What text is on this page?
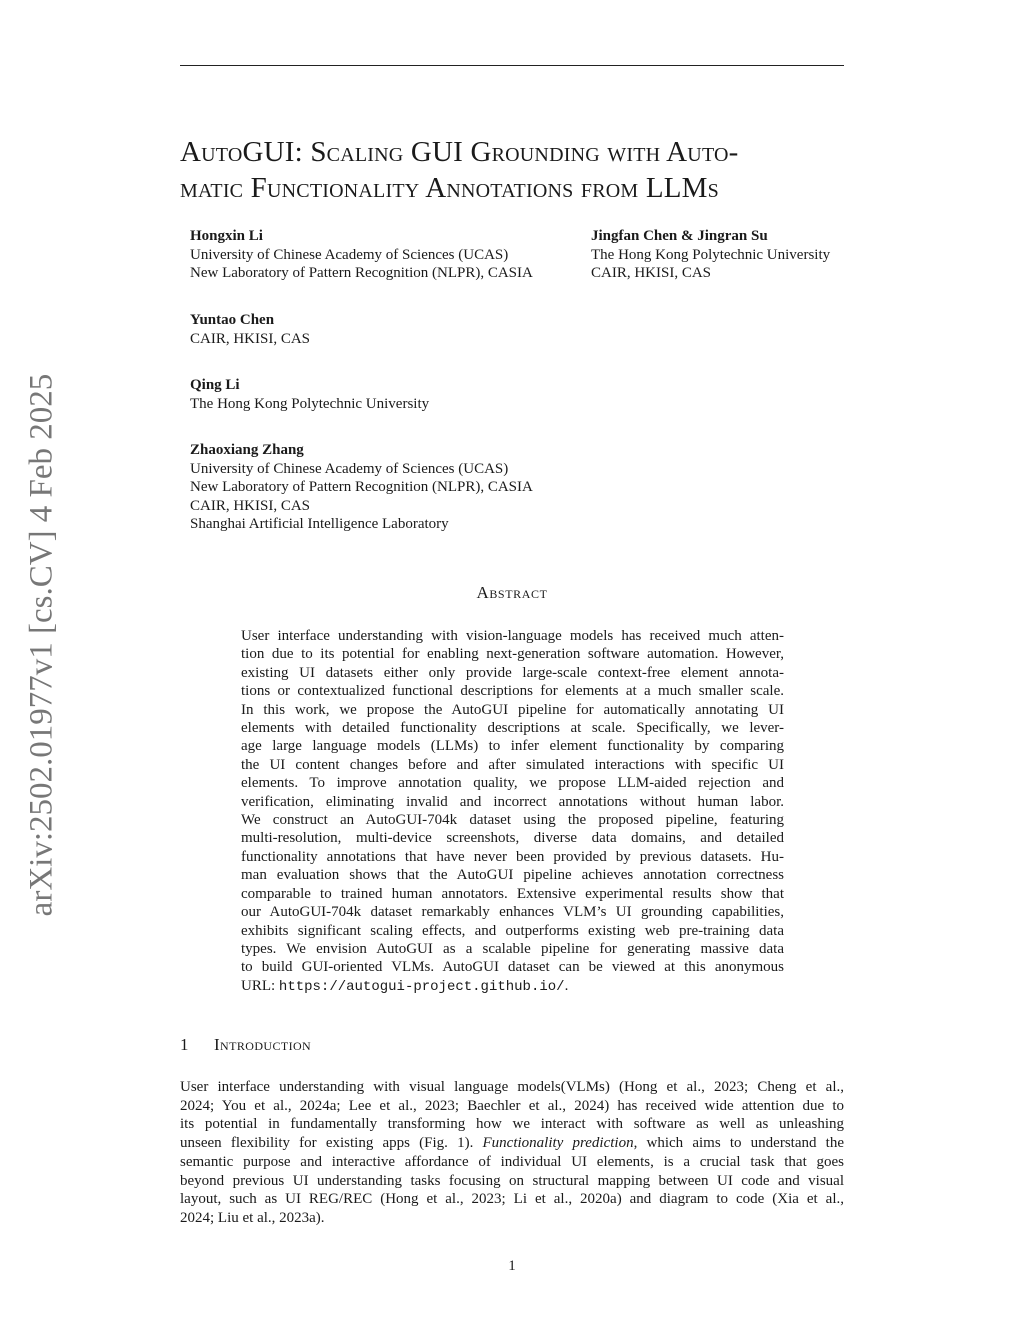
arXiv:2502.01977v1 [cs.CV] 4 Feb 2025
AutoGUI: Scaling GUI Grounding with Auto-
matic Functionality Annotations from LLMs
Hongxin Li
University of Chinese Academy of Sciences (UCAS)
New Laboratory of Pattern Recognition (NLPR), CASIA
Jingfan Chen & Jingran Su
The Hong Kong Polytechnic University
CAIR, HKISI, CAS
Yuntao Chen
CAIR, HKISI, CAS
Qing Li
The Hong Kong Polytechnic University
Zhaoxiang Zhang
University of Chinese Academy of Sciences (UCAS)
New Laboratory of Pattern Recognition (NLPR), CASIA
CAIR, HKISI, CAS
Shanghai Artificial Intelligence Laboratory
Abstract
User interface understanding with vision-language models has received much atten-
tion due to its potential for enabling next-generation software automation. However,
existing UI datasets either only provide large-scale context-free element annota-
tions or contextualized functional descriptions for elements at a much smaller scale.
In this work, we propose the AutoGUI pipeline for automatically annotating UI
elements with detailed functionality descriptions at scale. Specifically, we lever-
age large language models (LLMs) to infer element functionality by comparing
the UI content changes before and after simulated interactions with specific UI
elements. To improve annotation quality, we propose LLM-aided rejection and
verification, eliminating invalid and incorrect annotations without human labor.
We construct an AutoGUI-704k dataset using the proposed pipeline, featuring
multi-resolution, multi-device screenshots, diverse data domains, and detailed
functionality annotations that have never been provided by previous datasets. Hu-
man evaluation shows that the AutoGUI pipeline achieves annotation correctness
comparable to trained human annotators. Extensive experimental results show that
our AutoGUI-704k dataset remarkably enhances VLM’s UI grounding capabilities,
exhibits significant scaling effects, and outperforms existing web pre-training data
types. We envision AutoGUI as a scalable pipeline for generating massive data
to build GUI-oriented VLMs. AutoGUI dataset can be viewed at this anonymous
URL: https://autogui-project.github.io/.
1 Introduction
User interface understanding with visual language models(VLMs) (Hong et al., 2023; Cheng et al.,
2024; You et al., 2024a; Lee et al., 2023; Baechler et al., 2024) has received wide attention due to
its potential in fundamentally transforming how we interact with software as well as unleashing
unseen flexibility for existing apps (Fig. 1). Functionality prediction, which aims to understand the
semantic purpose and interactive affordance of individual UI elements, is a crucial task that goes
beyond previous UI understanding tasks focusing on structural mapping between UI code and visual
layout, such as UI REG/REC (Hong et al., 2023; Li et al., 2020a) and diagram to code (Xia et al.,
2024; Liu et al., 2023a).
1
